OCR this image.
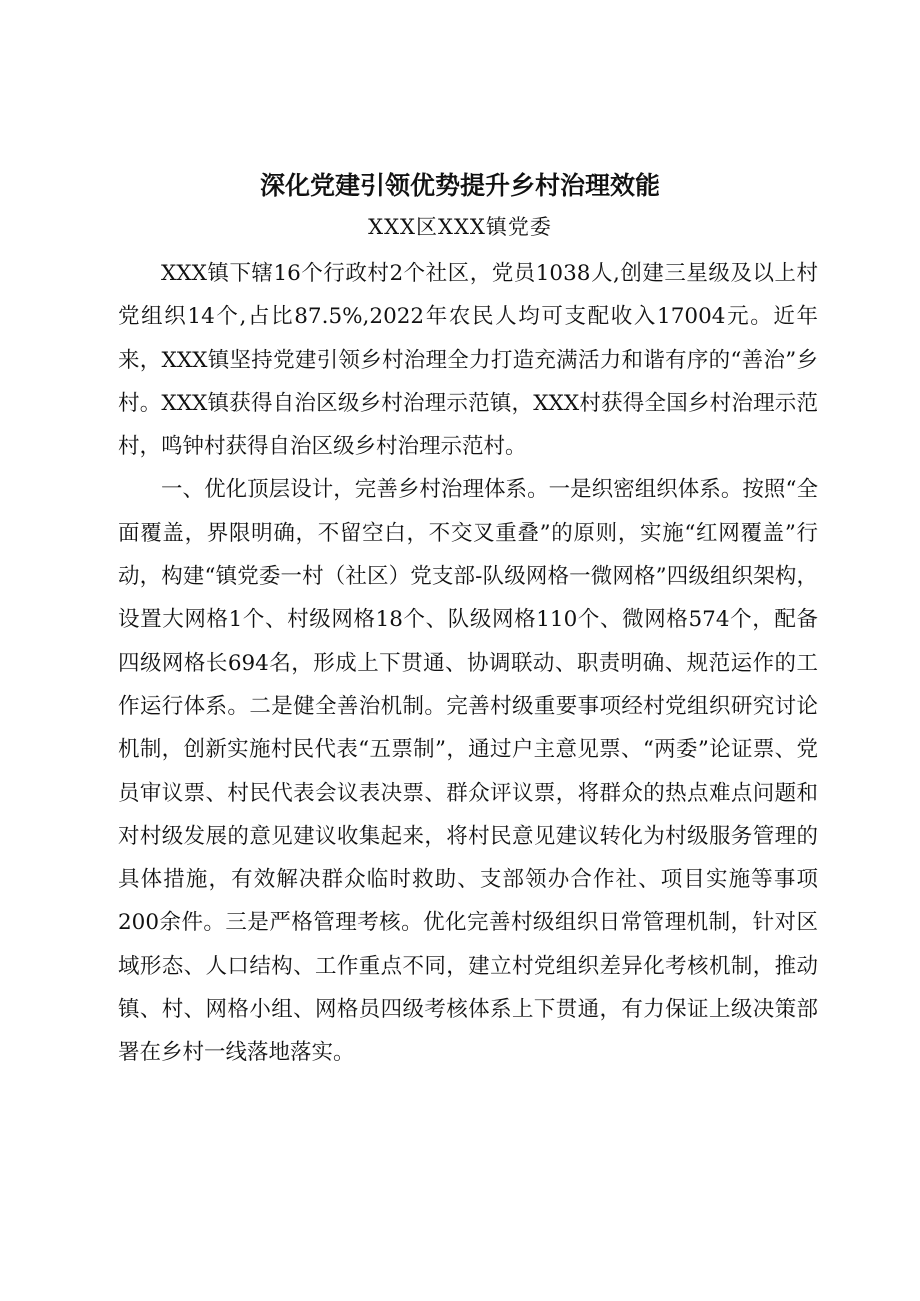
深化党建引领优势提升乡村治理效能
XXX区XXX镇党委

XXX镇下辖16个行政村2个社区，党员1038人,创建三星级及以上村党组织14个,占比87.5%,2022年农民人均可支配收入17004元。近年来，XXX镇坚持党建引领乡村治理全力打造充满活力和谐有序的“善治”乡村。XXX镇获得自治区级乡村治理示范镇，XXX村获得全国乡村治理示范村，鸣钟村获得自治区级乡村治理示范村。

一、优化顶层设计，完善乡村治理体系。一是织密组织体系。按照“全面覆盖，界限明确，不留空白，不交叉重叠”的原则，实施“红网覆盖”行动，构建“镇党委一村（社区）党支部-队级网格一微网格”四级组织架构，设置大网格1个、村级网格18个、队级网格110个、微网格574个，配备四级网格长694名，形成上下贯通、协调联动、职责明确、规范运作的工作运行体系。二是健全善治机制。完善村级重要事项经村党组织研究讨论机制，创新实施村民代表“五票制”，通过户主意见票、“两委”论证票、党员审议票、村民代表会议表决票、群众评议票，将群众的热点难点问题和对村级发展的意见建议收集起来，将村民意见建议转化为村级服务管理的具体措施，有效解决群众临时救助、支部领办合作社、项目实施等事项200余件。三是严格管理考核。优化完善村级组织日常管理机制，针对区域形态、人口结构、工作重点不同，建立村党组织差异化考核机制，推动镇、村、网格小组、网格员四级考核体系上下贯通，有力保证上级决策部署在乡村一线落地落实。
